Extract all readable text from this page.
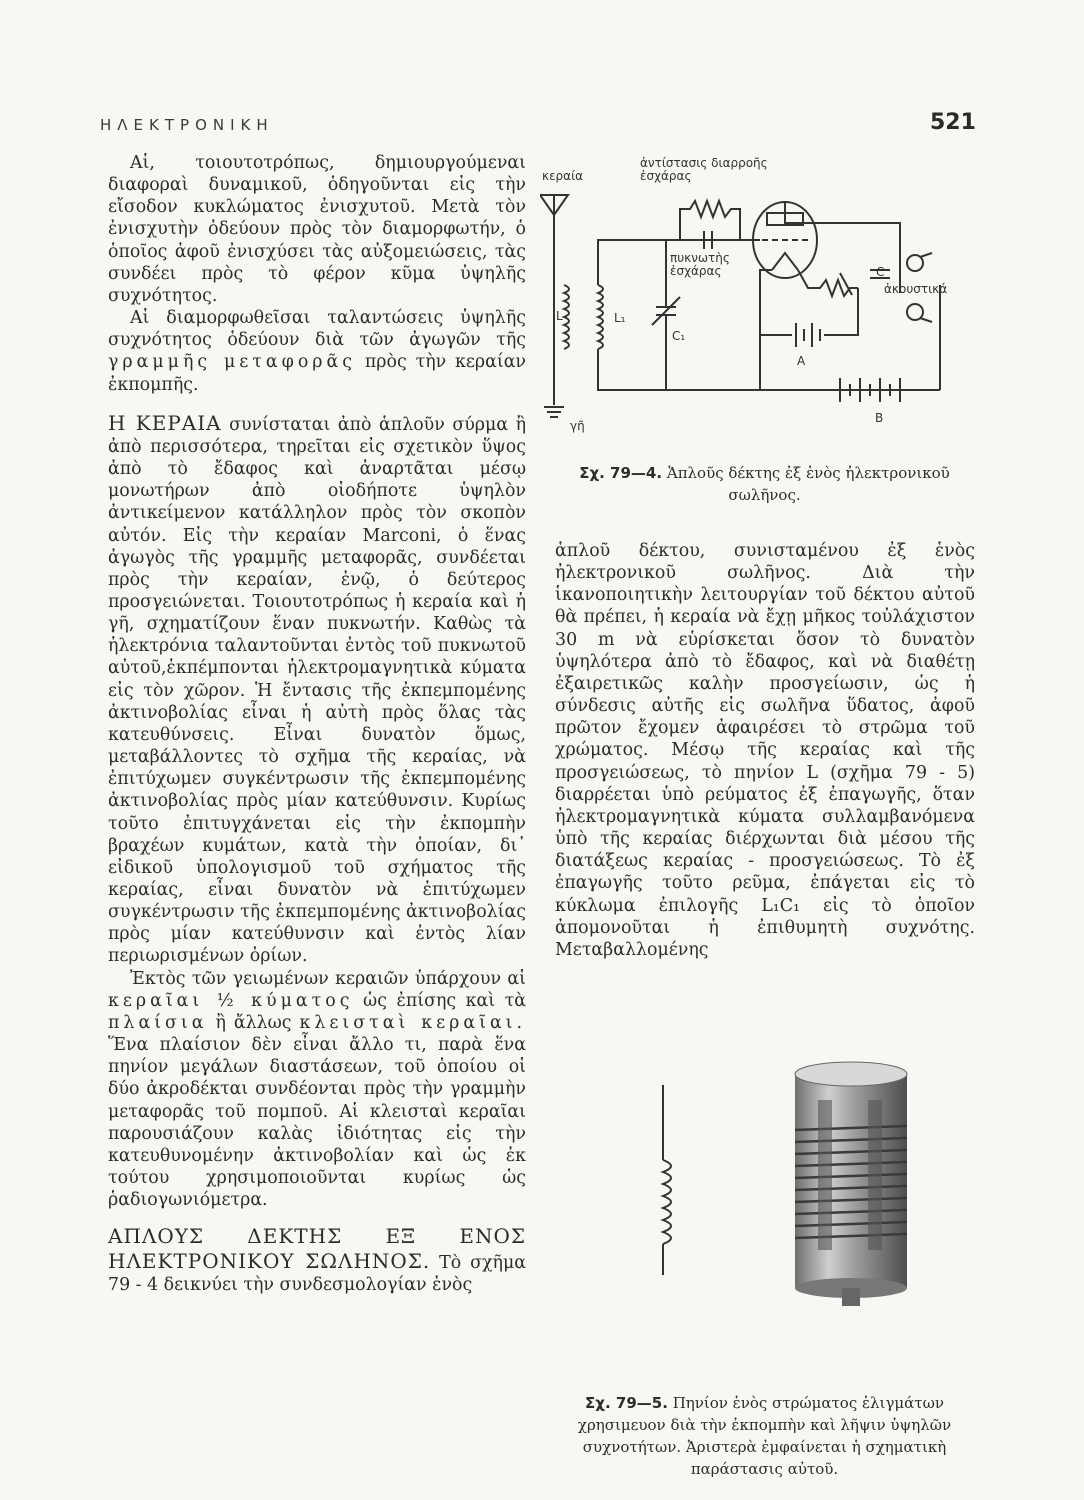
ΗΛΕΚΤΡΟΝΙΚΗ	521

Αἱ, τοιουτοτρόπως, δημιουργούμεναι διαφοραὶ δυναμικοῦ, ὁδηγοῦνται εἰς τὴν εἴσοδον κυκλώματος ἐνισχυτοῦ. Μετὰ τὸν ἐνισχυτὴν ὁδεύουν πρὸς τὸν διαμορφωτήν, ὁ ὁποῖος ἀφοῦ ἐνισχύσει τὰς αὐξομειώσεις, τὰς συνδέει πρὸς τὸ φέρον κῦμα ὑψηλῆς συχνότητος.

Αἱ διαμορφωθεῖσαι ταλαντώσεις ὑψηλῆς συχνότητος ὁδεύουν διὰ τῶν ἀγωγῶν τῆς γραμμῆς μεταφορᾶς πρὸς τὴν κεραίαν ἐκπομπῆς.

Η ΚΕΡΑΙΑ συνίσταται ἀπὸ ἁπλοῦν σύρμα ἢ ἀπὸ περισσότερα, τηρεῖται εἰς σχετικὸν ὕψος ἀπὸ τὸ ἔδαφος καὶ ἀναρτᾶται μέσῳ μονωτήρων ἀπὸ οἱοδήποτε ὑψηλὸν ἀντικείμενον κατάλληλον πρὸς τὸν σκοπὸν αὐτόν. Εἰς τὴν κεραίαν Marconi, ὁ ἕνας ἀγωγὸς τῆς γραμμῆς μεταφορᾶς, συνδέεται πρὸς τὴν κεραίαν, ἐνῷ, ὁ δεύτερος προσγειώνεται. Τοιουτοτρόπως ἡ κεραία καὶ ἡ γῆ, σχηματίζουν ἕναν πυκνωτήν. Καθὼς τὰ ἠλεκτρόνια ταλαντοῦνται ἐντὸς τοῦ πυκνωτοῦ αὐτοῦ,ἐκπέμπονται ἠλεκτρομαγνητικὰ κύματα εἰς τὸν χῶρον. Ἡ ἔντασις τῆς ἐκπεμπομένης ἀκτινοβολίας εἶναι ἡ αὐτὴ πρὸς ὅλας τὰς κατευθύνσεις. Εἶναι δυνατὸν ὅμως, μεταβάλλοντες τὸ σχῆμα τῆς κεραίας, νὰ ἐπιτύχωμεν συγκέντρωσιν τῆς ἐκπεμπομένης ἀκτινοβολίας πρὸς μίαν κατεύθυνσιν. Κυρίως τοῦτο ἐπιτυγχάνεται εἰς τὴν ἐκπομπὴν βραχέων κυμάτων, κατὰ τὴν ὁποίαν, δι᾽ εἰδικοῦ ὑπολογισμοῦ τοῦ σχήματος τῆς κεραίας, εἶναι δυνατὸν νὰ ἐπιτύχωμεν συγκέντρωσιν τῆς ἐκπεμπομένης ἀκτινοβολίας πρὸς μίαν κατεύθυνσιν καὶ ἐντὸς λίαν περιωρισμένων ὁρίων.

Ἐκτὸς τῶν γειωμένων κεραιῶν ὑπάρχουν αἱ κεραῖαι ½ κύματος ὡς ἐπίσης καὶ τὰ πλαίσια ἢ ἄλλως κλεισταὶ κεραῖαι. Ἕνα πλαίσιον δὲν εἶναι ἄλλο τι, παρὰ ἕνα πηνίον μεγάλων διαστάσεων, τοῦ ὁποίου οἱ δύο ἀκροδέκται συνδέονται πρὸς τὴν γραμμὴν μεταφορᾶς τοῦ πομποῦ. Αἱ κλεισταὶ κεραῖαι παρουσιάζουν καλὰς ἰδιότητας εἰς τὴν κατευθυνομένην ἀκτινοβολίαν καὶ ὡς ἐκ τούτου χρησιμοποιοῦνται κυρίως ὡς ῥαδιογωνιόμετρα.

ΑΠΛΟΥΣ ΔΕΚΤΗΣ ΕΞ ΕΝΟΣ ΗΛΕΚΤΡΟΝΙΚΟΥ ΣΩΛΗΝΟΣ. Τὸ σχῆμα 79 - 4 δεικνύει τὴν συνδεσμολογίαν ἑνὸς

κεραία
ἀντίστασις διαρροῆς ἐσχάρας
πυκνωτὴς ἐσχάρας
L	L₁
C₁
C
ἀκουστικά
A
B
γῆ
Σχ. 79—4. Ἁπλοῦς δέκτης ἐξ ἑνὸς ἠλεκτρονικοῦ σωλῆνος.

ἁπλοῦ δέκτου, συνισταμένου ἐξ ἑνὸς ἠλεκτρονικοῦ σωλῆνος. Διὰ τὴν ἱκανοποιητικὴν λειτουργίαν τοῦ δέκτου αὐτοῦ θὰ πρέπει, ἡ κεραία νὰ ἔχῃ μῆκος τοὐλάχιστον 30 m νὰ εὑρίσκεται ὅσον τὸ δυνατὸν ὑψηλότερα ἀπὸ τὸ ἔδαφος, καὶ νὰ διαθέτῃ ἐξαιρετικῶς καλὴν προσγείωσιν, ὡς ἡ σύνδεσις αὐτῆς εἰς σωλῆνα ὕδατος, ἀφοῦ πρῶτον ἔχομεν ἀφαιρέσει τὸ στρῶμα τοῦ χρώματος. Μέσῳ τῆς κεραίας καὶ τῆς προσγειώσεως, τὸ πηνίον L (σχῆμα 79 - 5) διαρρέεται ὑπὸ ρεύματος ἐξ ἐπαγωγῆς, ὅταν ἠλεκτρομαγνητικὰ κύματα συλλαμβανόμενα ὑπὸ τῆς κεραίας διέρχωνται διὰ μέσου τῆς διατάξεως κεραίας - προσγειώσεως. Τὸ ἐξ ἐπαγωγῆς τοῦτο ρεῦμα, ἐπάγεται εἰς τὸ κύκλωμα ἐπιλογῆς L₁C₁ εἰς τὸ ὁποῖον ἀπομονοῦται ἡ ἐπιθυμητὴ συχνότης. Μεταβαλλομένης

Σχ. 79—5. Πηνίον ἑνὸς στρώματος ἑλιγμάτων χρησιμευον διὰ τὴν ἐκπομπὴν καὶ λῆψιν ὑψηλῶν συχνοτήτων. Ἀριστερὰ ἐμφαίνεται ἡ σχηματικὴ παράστασις αὐτοῦ.
